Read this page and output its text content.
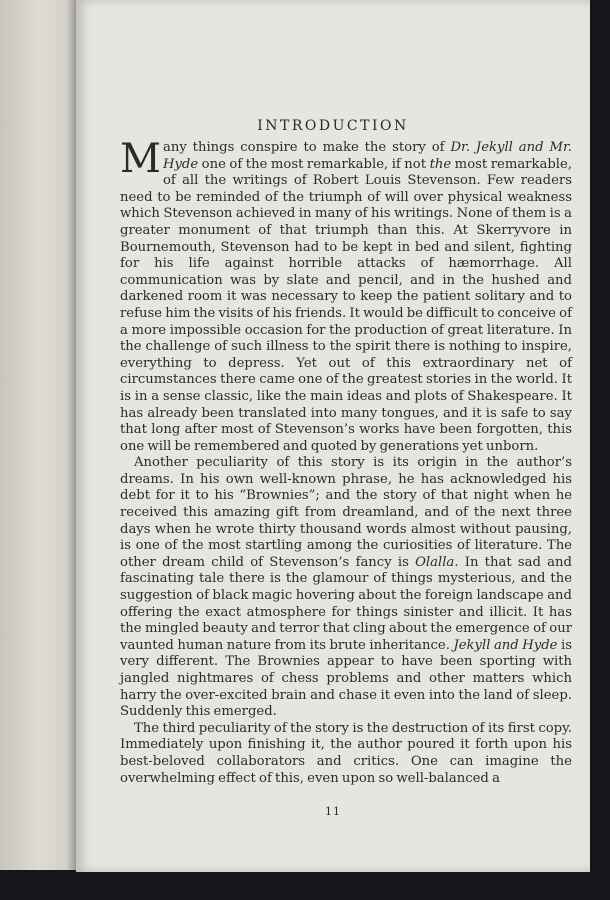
INTRODUCTION

Many things conspire to make the story of Dr. Jekyll and Mr. Hyde one of the most remarkable, if not the most remarkable, of all the writings of Robert Louis Stevenson. Few readers need to be reminded of the triumph of will over physical weakness which Stevenson achieved in many of his writings. None of them is a greater monument of that triumph than this. At Skerryvore in Bournemouth, Stevenson had to be kept in bed and silent, fighting for his life against horrible attacks of hæmorrhage. All communication was by slate and pencil, and in the hushed and darkened room it was necessary to keep the patient solitary and to refuse him the visits of his friends. It would be difficult to conceive of a more impossible occasion for the production of great literature. In the challenge of such illness to the spirit there is nothing to inspire, everything to depress. Yet out of this extraordinary net of circumstances there came one of the greatest stories in the world. It is in a sense classic, like the main ideas and plots of Shakespeare. It has already been translated into many tongues, and it is safe to say that long after most of Stevenson’s works have been forgotten, this one will be remembered and quoted by generations yet unborn.

Another peculiarity of this story is its origin in the author’s dreams. In his own well-known phrase, he has acknowledged his debt for it to his “Brownies”; and the story of that night when he received this amazing gift from dreamland, and of the next three days when he wrote thirty thousand words almost without pausing, is one of the most startling among the curiosities of literature. The other dream child of Stevenson’s fancy is Olalla. In that sad and fascinating tale there is the glamour of things mysterious, and the suggestion of black magic hovering about the foreign landscape and offering the exact atmosphere for things sinister and illicit. It has the mingled beauty and terror that cling about the emergence of our vaunted human nature from its brute inheritance. Jekyll and Hyde is very different. The Brownies appear to have been sporting with jangled nightmares of chess problems and other matters which harry the over-excited brain and chase it even into the land of sleep. Suddenly this emerged.

The third peculiarity of the story is the destruction of its first copy. Immediately upon finishing it, the author poured it forth upon his best-beloved collaborators and critics. One can imagine the overwhelming effect of this, even upon so well-balanced a

11
